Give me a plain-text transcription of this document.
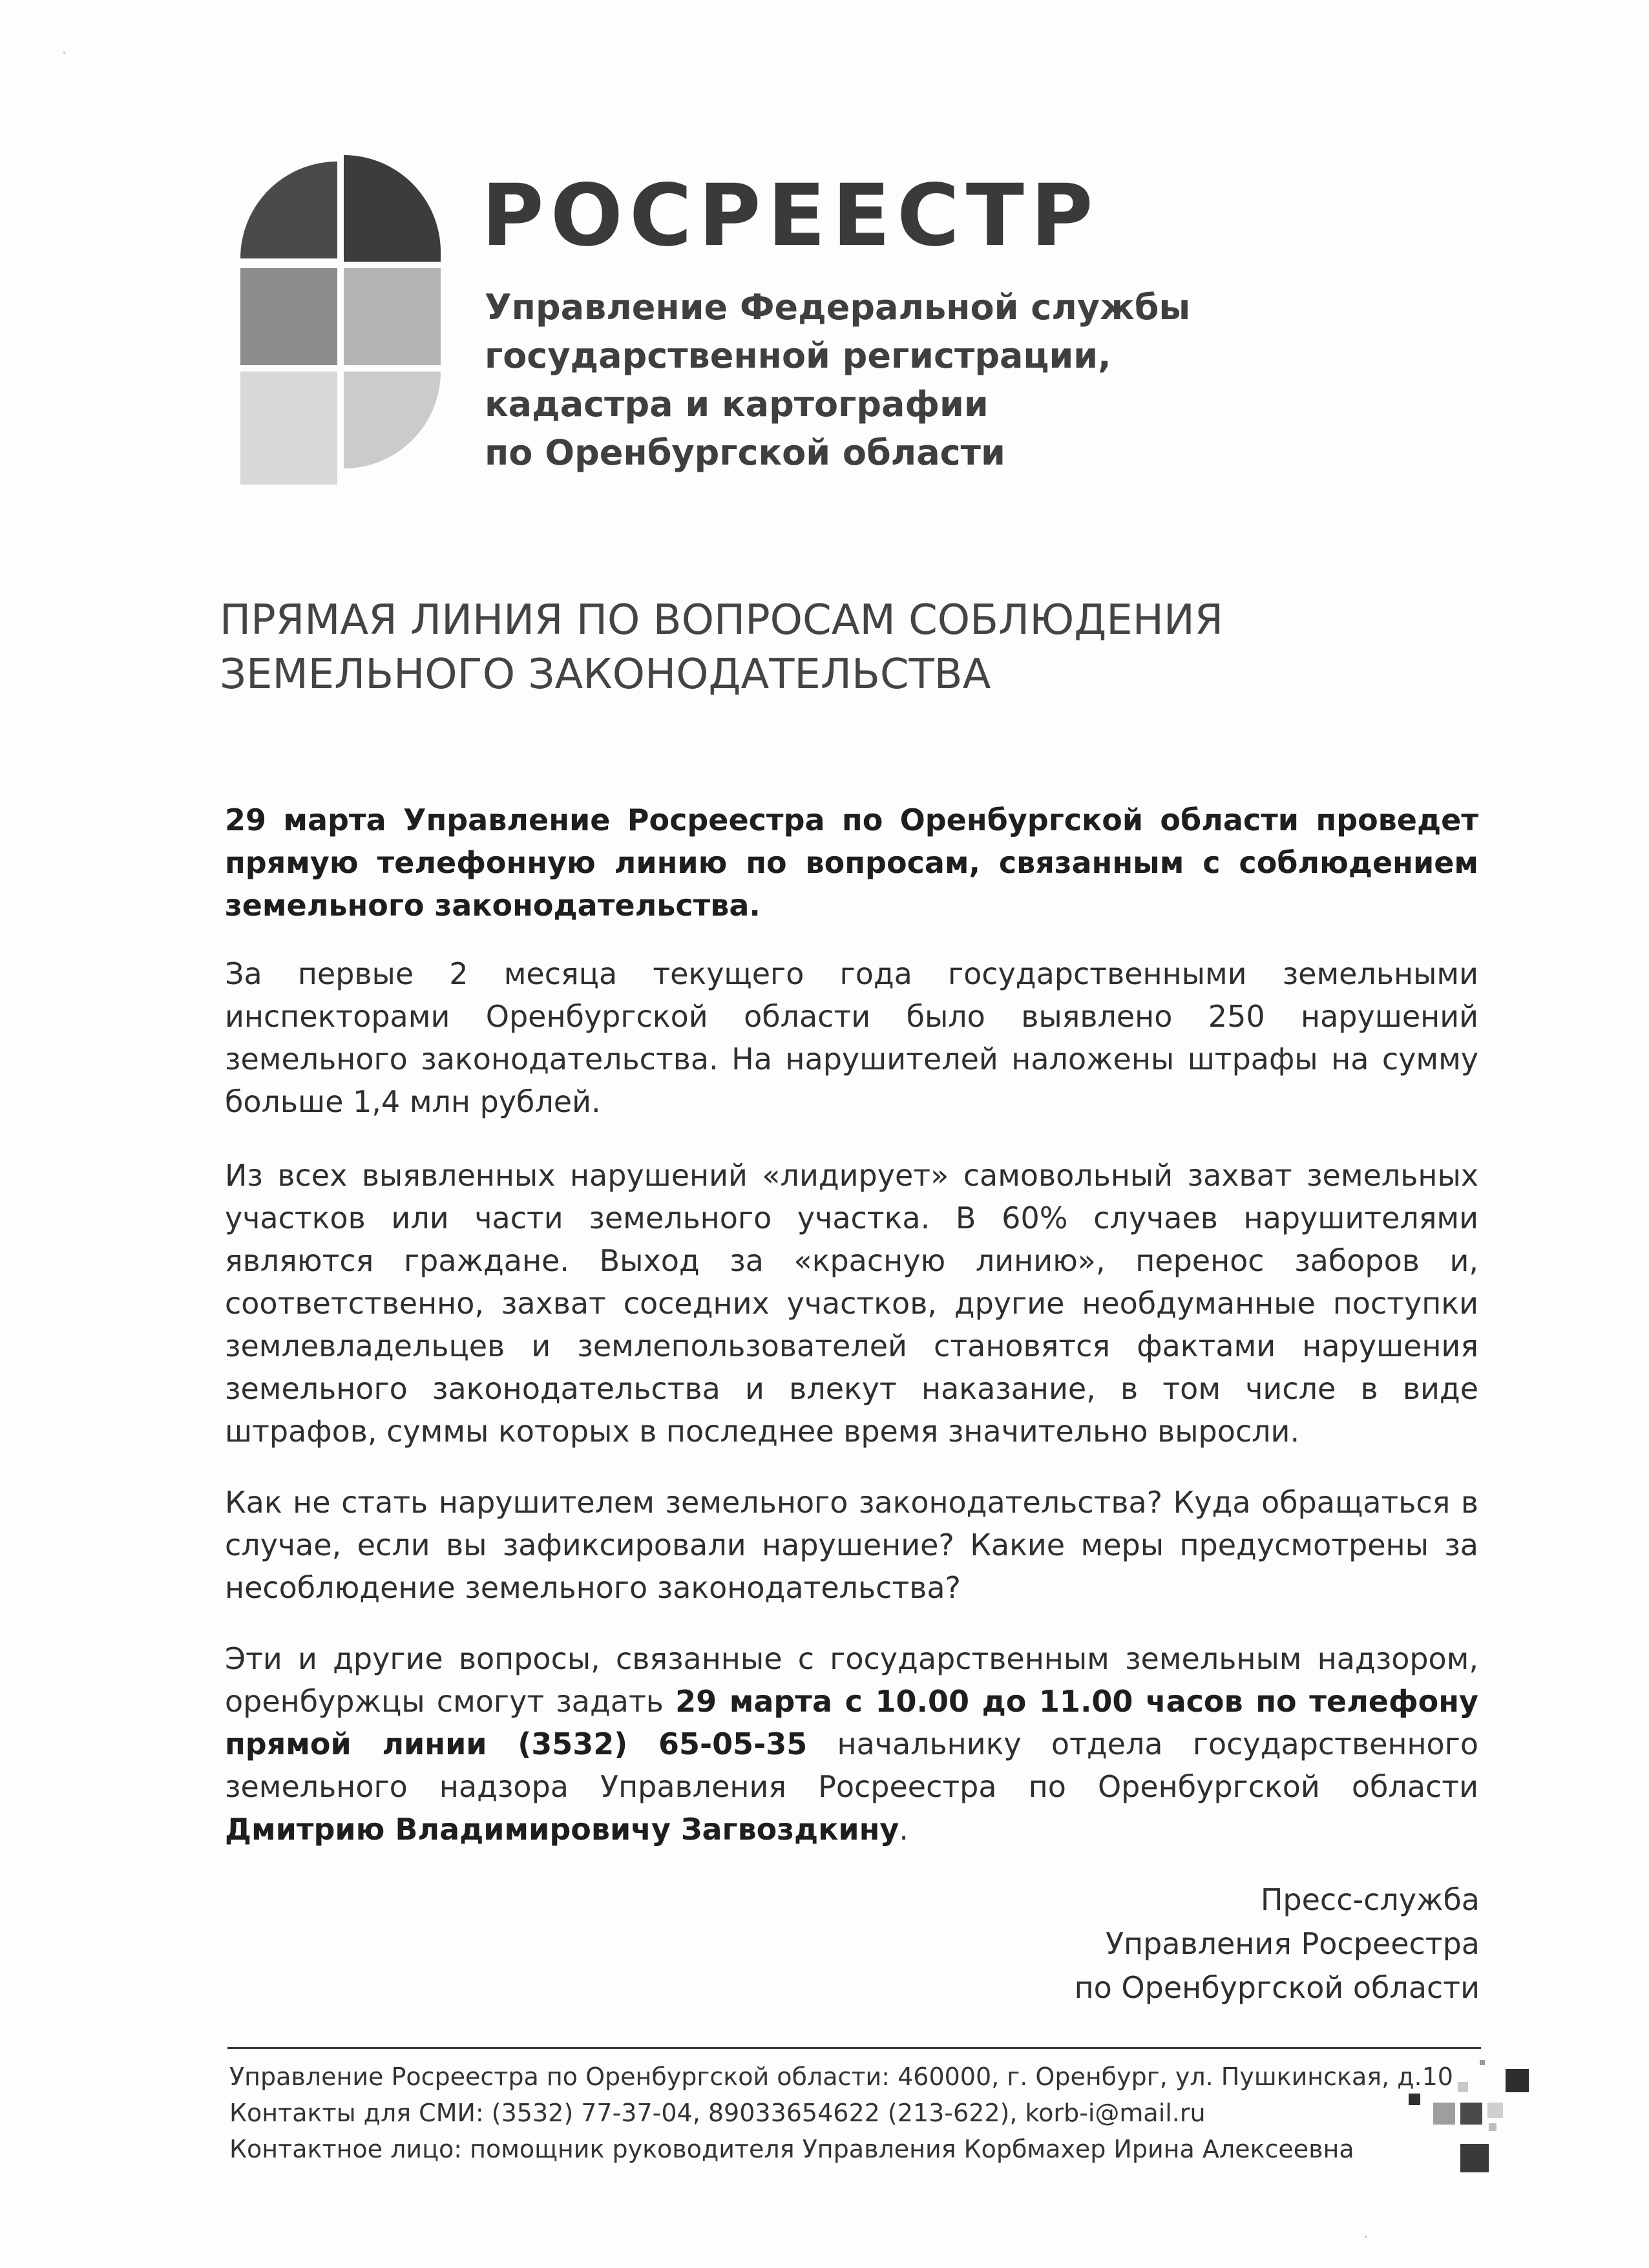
РОСРЕЕСТР
Управление Федеральной службы
государственной регистрации,
кадастра и картографии
по Оренбургской области
ПРЯМАЯ ЛИНИЯ ПО ВОПРОСАМ СОБЛЮДЕНИЯ
ЗЕМЕЛЬНОГО ЗАКОНОДАТЕЛЬСТВА
29 марта Управление Росреестра по Оренбургской области проведет прямую телефонную линию по вопросам, связанным с соблюдением земельного законодательства.
За первые 2 месяца текущего года государственными земельными инспекторами Оренбургской области было выявлено 250 нарушений земельного законодательства. На нарушителей наложены штрафы на сумму больше 1,4 млн рублей.
Из всех выявленных нарушений «лидирует» самовольный захват земельных участков или части земельного участка. В 60% случаев нарушителями являются граждане. Выход за «красную линию», перенос заборов и, соответственно, захват соседних участков, другие необдуманные поступки землевладельцев и землепользователей становятся фактами нарушения земельного законодательства и влекут наказание, в том числе в виде штрафов, суммы которых в последнее время значительно выросли.
Как не стать нарушителем земельного законодательства? Куда обращаться в случае, если вы зафиксировали нарушение? Какие меры предусмотрены за несоблюдение земельного законодательства?
Эти и другие вопросы, связанные с государственным земельным надзором, оренбуржцы смогут задать 29 марта с 10.00 до 11.00 часов по телефону прямой линии (3532) 65-05-35 начальнику отдела государственного земельного надзора Управления Росреестра по Оренбургской области Дмитрию Владимировичу Загвоздкину.
Пресс-служба
Управления Росреестра
по Оренбургской области
Управление Росреестра по Оренбургской области: 460000, г. Оренбург, ул. Пушкинская, д.10
Контакты для СМИ: (3532) 77-37-04, 89033654622 (213-622), korb-i@mail.ru
Контактное лицо: помощник руководителя Управления Корбмахер Ирина Алексеевна
